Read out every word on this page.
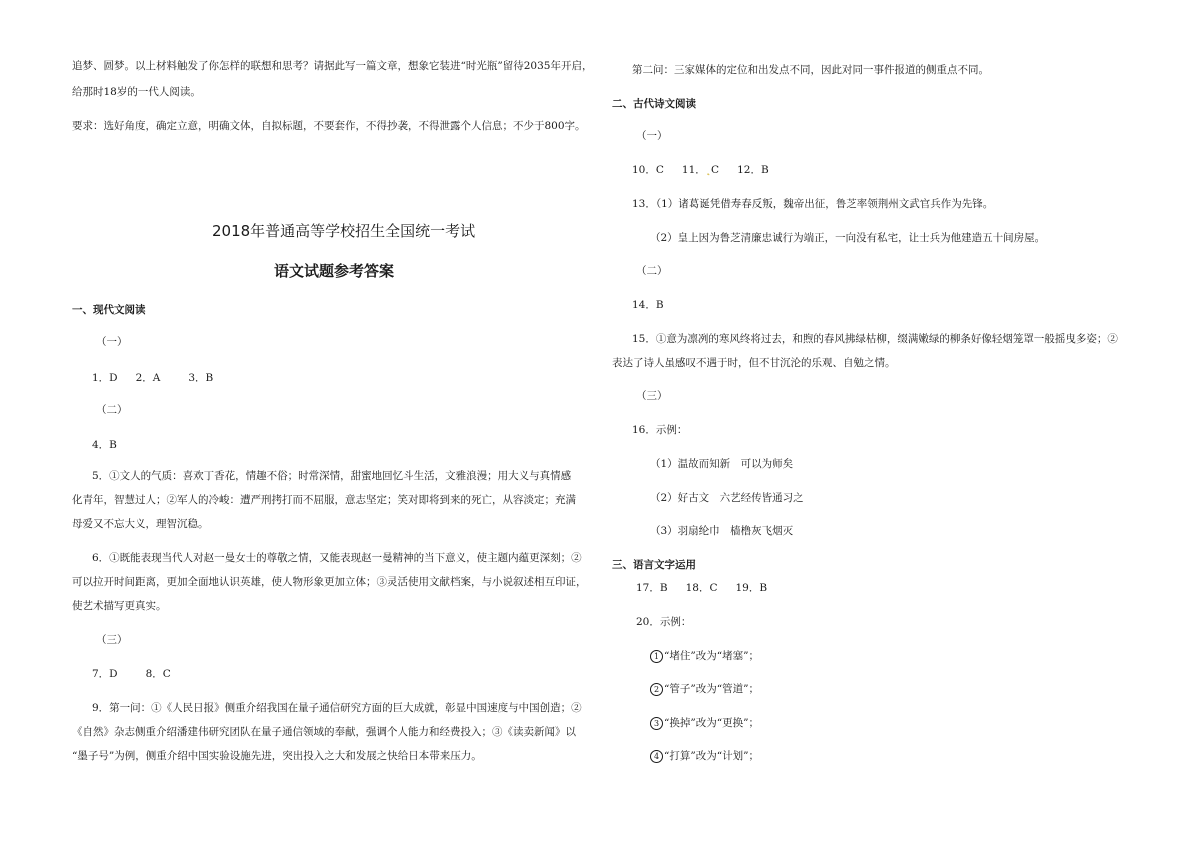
追梦、圆梦。以上材料触发了你怎样的联想和思考？请据此写一篇文章，想象它装进“时光瓶”留待2035年开启，
给那时18岁的一代人阅读。
要求：选好角度，确定立意，明确文体，自拟标题，不要套作，不得抄袭，不得泄露个人信息；不少于800字。
2018年普通高等学校招生全国统一考试
语文试题参考答案
一、现代文阅读
（一）
1．D 2．A	3．B
（二）
4．B
5．①文人的气质：喜欢丁香花，情趣不俗；时常深情，甜蜜地回忆斗生活，文雅浪漫；用大义与真情感
化青年，智慧过人；②军人的冷峻：遭严刑拷打而不屈服，意志坚定；笑对即将到来的死亡，从容淡定；充满
母爱又不忘大义，理智沉稳。
6．①既能表现当代人对赵一曼女士的尊敬之情，又能表现赵一曼精神的当下意义，使主题内蕴更深刻；②
可以拉开时间距离，更加全面地认识英雄，使人物形象更加立体；③灵活使用文献档案，与小说叙述相互印证，
使艺术描写更真实。
（三）
7．D	8．C
9．第一问：①《人民日报》侧重介绍我国在量子通信研究方面的巨大成就，彰显中国速度与中国创造；②
《自然》杂志侧重介绍潘建伟研究团队在量子通信领域的奉献，强调个人能力和经费投入；③《读卖新闻》以
“墨子号”为例，侧重介绍中国实验设施先进，突出投入之大和发展之快给日本带来压力。
第二问：三家媒体的定位和出发点不同，因此对同一事件报道的侧重点不同。
二、古代诗文阅读
（一）
10．C 11．˛C 12．B
13．（1）诸葛诞凭借寿春反叛，魏帝出征，鲁芝率领荆州文武官兵作为先锋。
（2）皇上因为鲁芝清廉忠诚行为端正，一向没有私宅，让士兵为他建造五十间房屋。
（二）
14．B
15．①意为凛冽的寒风终将过去，和煦的春风拂绿枯柳，缀满嫩绿的柳条好像轻烟笼罩一般摇曳多姿；②
表达了诗人虽感叹不遇于时，但不甘沉沦的乐观、自勉之情。
（三）
16．示例：
（1）温故而知新　可以为师矣
（2）好古文　六艺经传皆通习之
（3）羽扇纶巾　樯橹灰飞烟灭
三、语言文字运用
17．B 18．C 19．B
20．示例：
1 “堵住”改为“堵塞”；
2 “管子”改为“管道”；
3 “换掉”改为“更换”；
4 “打算”改为“计划”；
